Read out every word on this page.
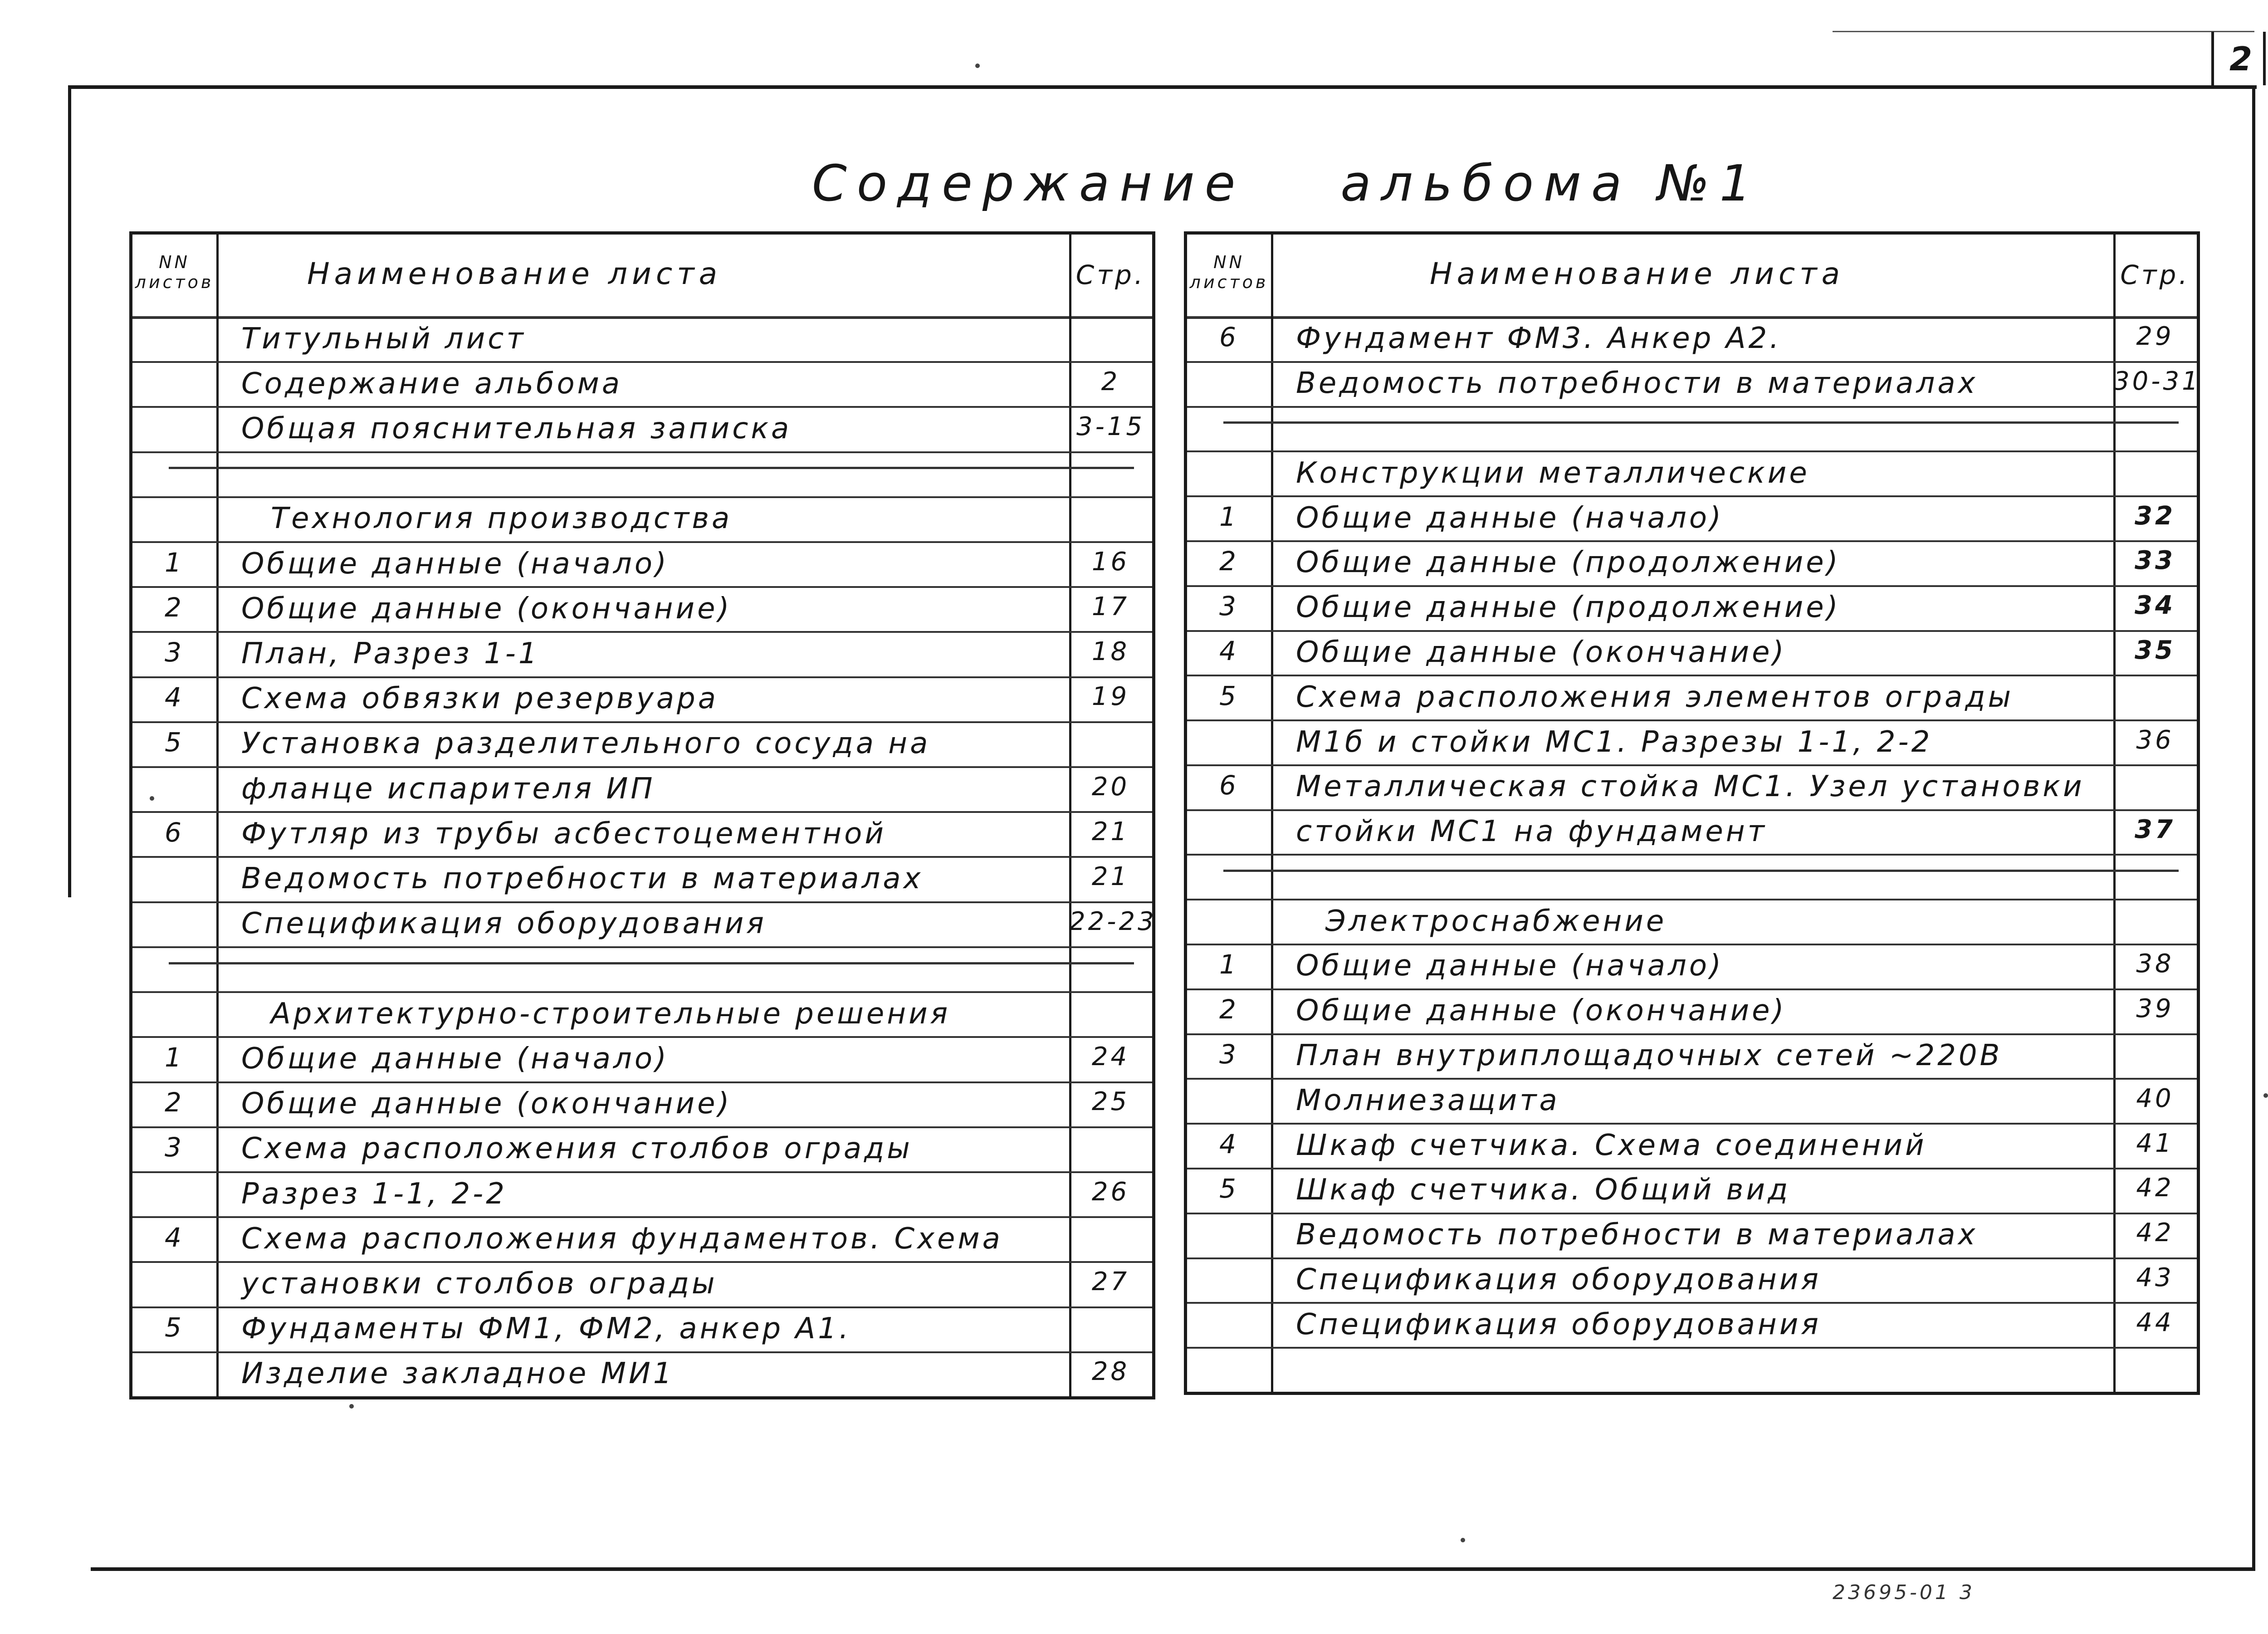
2
Содержание альбома №1
NN листов	Наименование листа	Стр.
Титульный лист
Содержание альбома	2
Общая пояснительная записка	3-15
Технология производства
1	Общие данные (начало)	16
2	Общие данные (окончание)	17
3	План, Разрез 1-1	18
4	Схема обвязки резервуара	19
5	Установка разделительного сосуда на
фланце испарителя ИП	20
6	Футляр из трубы асбестоцементной	21
Ведомость потребности в материалах	21
Спецификация оборудования	22-23
Архитектурно-строительные решения
1	Общие данные (начало)	24
2	Общие данные (окончание)	25
3	Схема расположения столбов ограды
Разрез 1-1, 2-2	26
4	Схема расположения фундаментов. Схема
установки столбов ограды	27
5	Фундаменты ФМ1, ФМ2, анкер А1.
Изделие закладное МИ1	28
NN листов	Наименование листа	Стр.
6	Фундамент ФМ3. Анкер А2.	29
Ведомость потребности в материалах	30-31
Конструкции металлические
1	Общие данные (начало)	32
2	Общие данные (продолжение)	33
3	Общие данные (продолжение)	34
4	Общие данные (окончание)	35
5	Схема расположения элементов ограды
М1б и стойки МС1. Разрезы 1-1, 2-2	36
6	Металлическая стойка МС1. Узел установки
стойки МС1 на фундамент	37
Электроснабжение
1	Общие данные (начало)	38
2	Общие данные (окончание)	39
3	План внутриплощадочных сетей ~220В
Молниезащита	40
4	Шкаф счетчика. Схема соединений	41
5	Шкаф счетчика. Общий вид	42
Ведомость потребности в материалах	42
Спецификация оборудования	43
Спецификация оборудования	44
23695-01 3
